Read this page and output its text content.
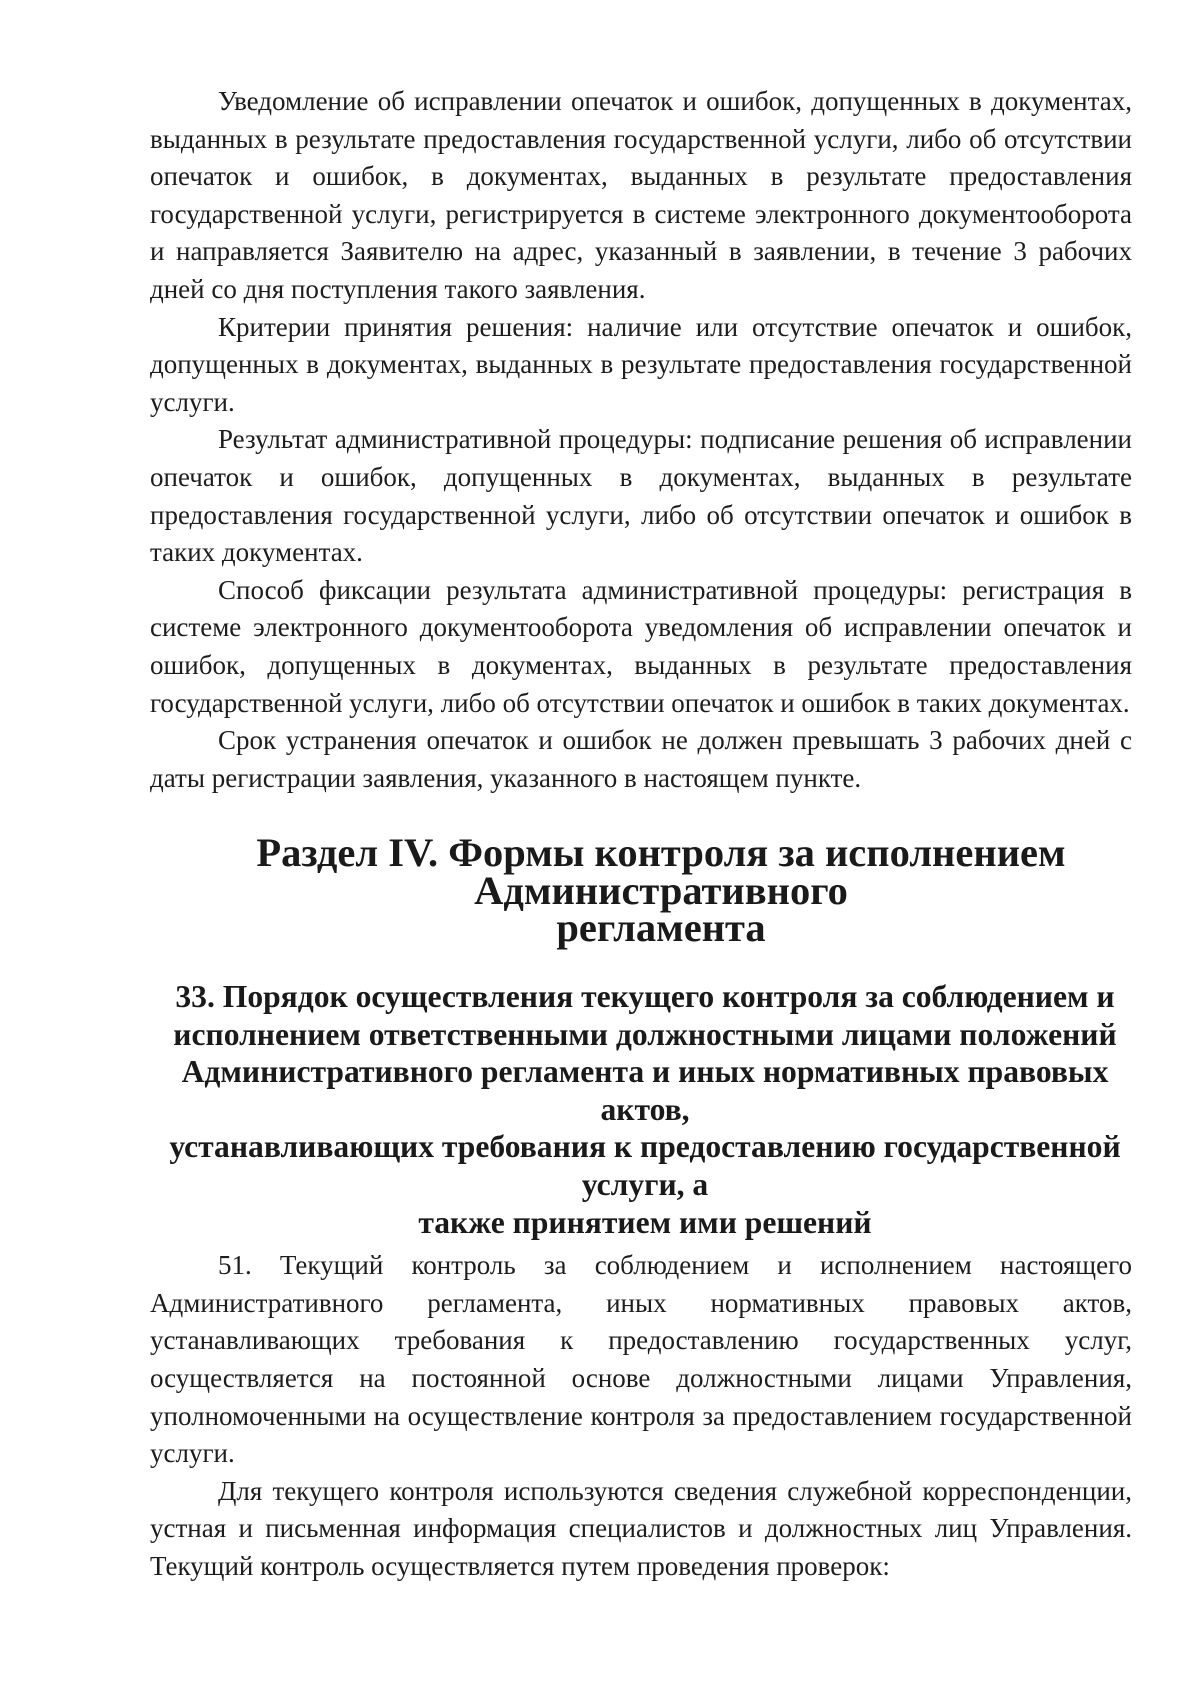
Уведомление об исправлении опечаток и ошибок, допущенных в документах, выданных в результате предоставления государственной услуги, либо об отсутствии опечаток и ошибок, в документах, выданных в результате предоставления государственной услуги, регистрируется в системе электронного документооборота и направляется Заявителю на адрес, указанный в заявлении, в течение 3 рабочих дней со дня поступления такого заявления.

Критерии принятия решения: наличие или отсутствие опечаток и ошибок, допущенных в документах, выданных в результате предоставления государственной услуги.

Результат административной процедуры: подписание решения об исправлении опечаток и ошибок, допущенных в документах, выданных в результате предоставления государственной услуги, либо об отсутствии опечаток и ошибок в таких документах.

Способ фиксации результата административной процедуры: регистрация в системе электронного документооборота уведомления об исправлении опечаток и ошибок, допущенных в документах, выданных в результате предоставления государственной услуги, либо об отсутствии опечаток и ошибок в таких документах.

Срок устранения опечаток и ошибок не должен превышать 3 рабочих дней с даты регистрации заявления, указанного в настоящем пункте.

Раздел IV. Формы контроля за исполнением Административного
регламента
33. Порядок осуществления текущего контроля за соблюдением и
исполнением ответственными должностными лицами положений
Административного регламента и иных нормативных правовых актов,
устанавливающих требования к предоставлению государственной услуги, а
также принятием ими решений

51. Текущий контроль за соблюдением и исполнением настоящего Административного регламента, иных нормативных правовых актов, устанавливающих требования к предоставлению государственных услуг, осуществляется на постоянной основе должностными лицами Управления, уполномоченными на осуществление контроля за предоставлением государственной услуги.

Для текущего контроля используются сведения служебной корреспонденции, устная и письменная информация специалистов и должностных лиц Управления. Текущий контроль осуществляется путем проведения проверок:
